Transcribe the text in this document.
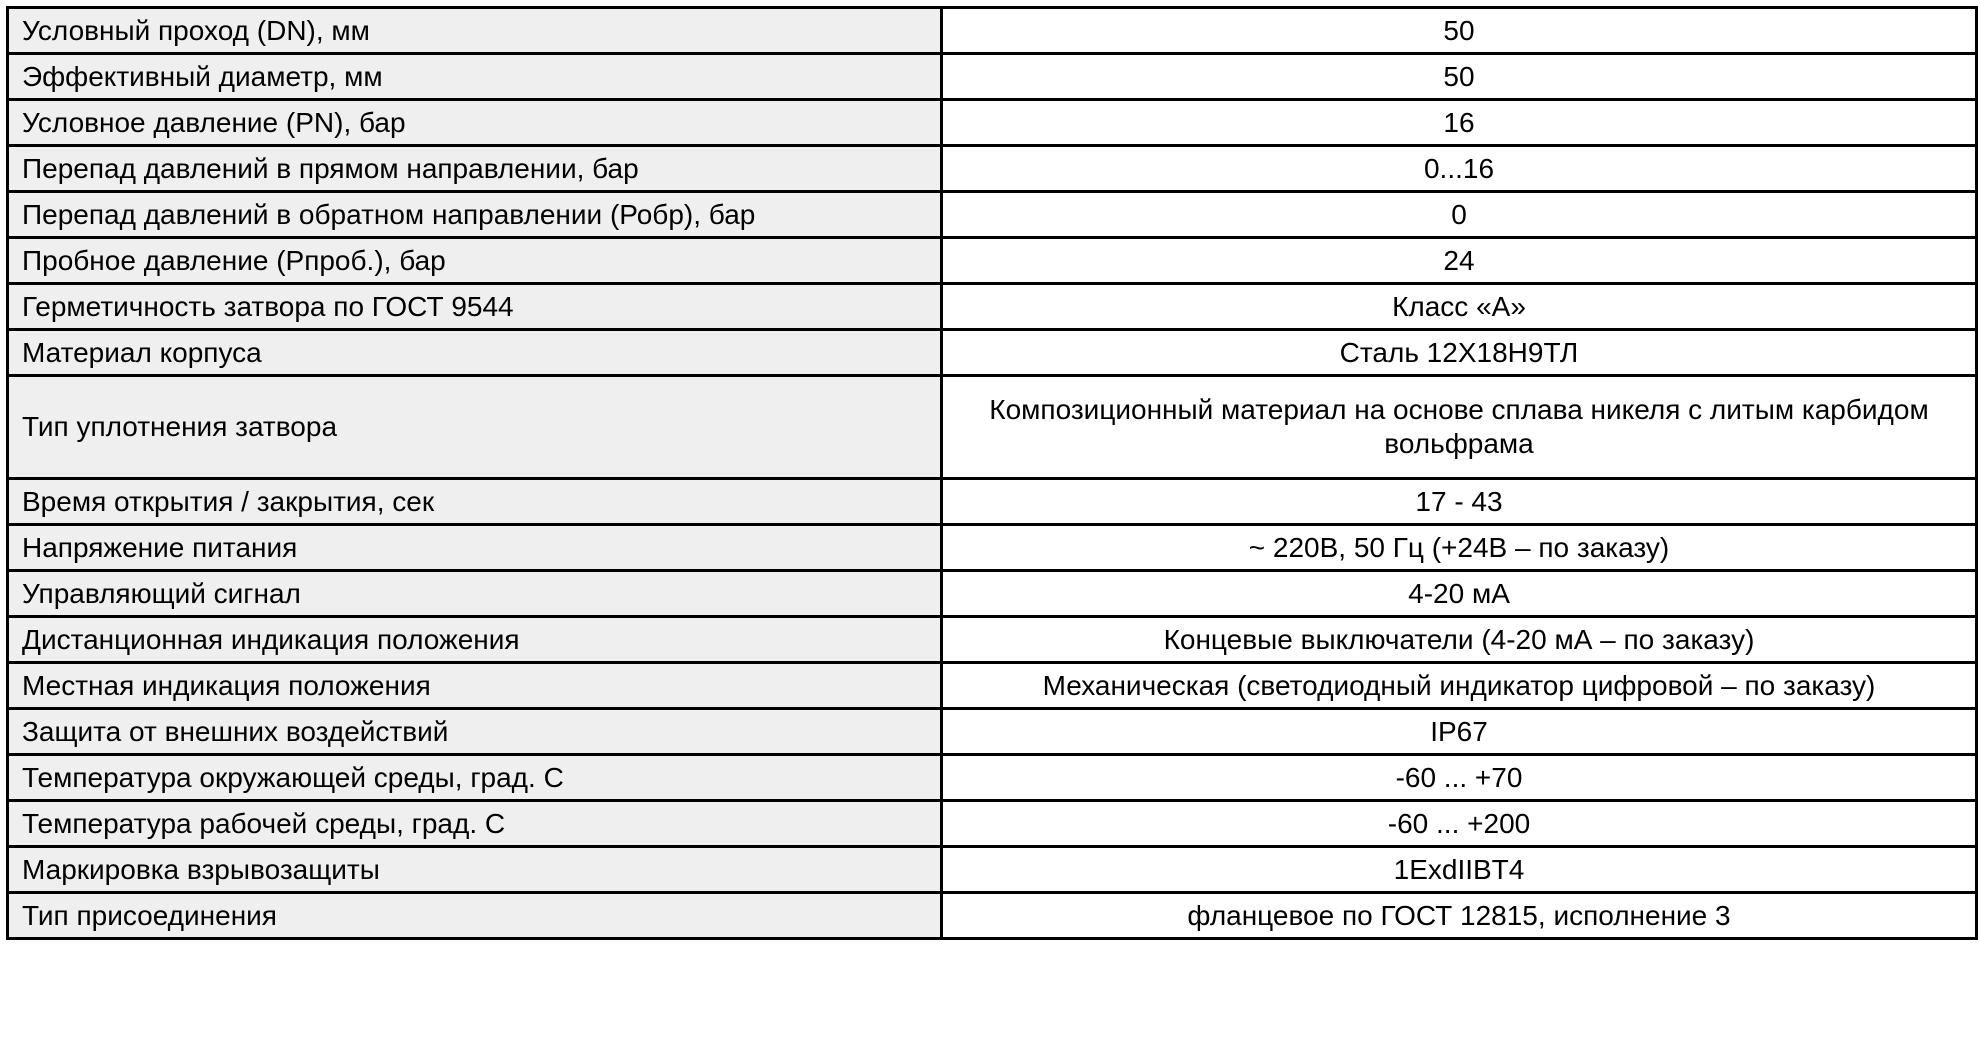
Условный проход (DN), мм	50
Эффективный диаметр, мм	50
Условное давление (PN), бар	16
Перепад давлений в прямом направлении, бар	0...16
Перепад давлений в обратном направлении (Робр), бар	0
Пробное давление (Рпроб.), бар	24
Герметичность затвора по ГОСТ 9544	Класс «А»
Материал корпуса	Сталь 12Х18Н9ТЛ
Тип уплотнения затвора	Композиционный материал на основе сплава никеля с литым карбидом вольфрама
Время открытия / закрытия, сек	17 - 43
Напряжение питания	~ 220В, 50 Гц (+24В – по заказу)
Управляющий сигнал	4-20 мА
Дистанционная индикация положения	Концевые выключатели (4-20 мА – по заказу)
Местная индикация положения	Механическая (светодиодный индикатор цифровой – по заказу)
Защита от внешних воздействий	IP67
Температура окружающей среды, град. С	-60 ... +70
Температура рабочей среды, град. С	-60 ... +200
Маркировка взрывозащиты	1ExdIIBT4
Тип присоединения	фланцевое по ГОСТ 12815, исполнение 3
